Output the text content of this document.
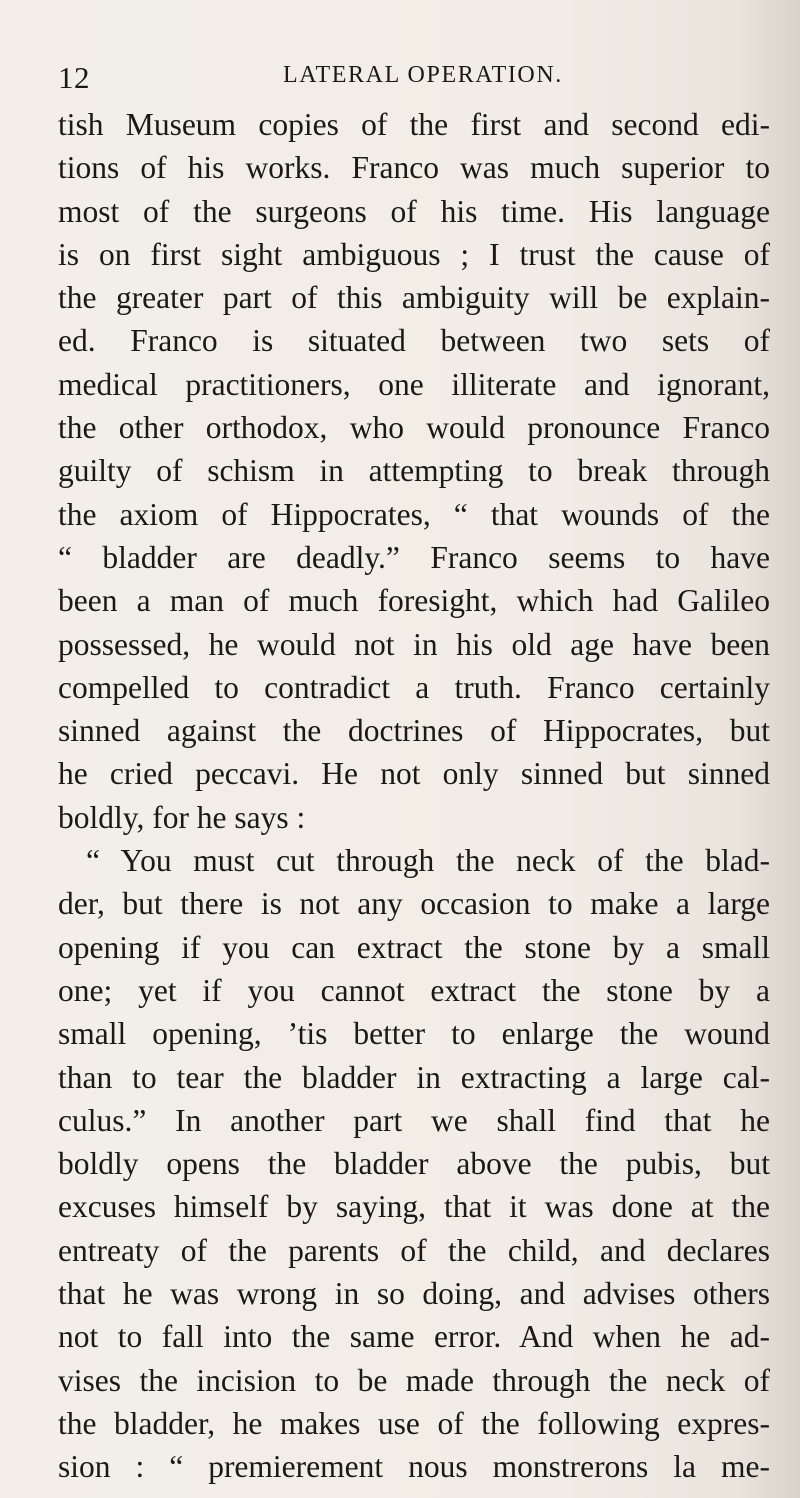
12	LATERAL OPERATION.
tish Museum copies of the first and second edi-
tions of his works. Franco was much superior to
most of the surgeons of his time. His language
is on first sight ambiguous ; I trust the cause of
the greater part of this ambiguity will be explain-
ed. Franco is situated between two sets of
medical practitioners, one illiterate and ignorant,
the other orthodox, who would pronounce Franco
guilty of schism in attempting to break through
the axiom of Hippocrates, “ that wounds of the
“ bladder are deadly.” Franco seems to have
been a man of much foresight, which had Galileo
possessed, he would not in his old age have been
compelled to contradict a truth. Franco certainly
sinned against the doctrines of Hippocrates, but
he cried peccavi. He not only sinned but sinned
boldly, for he says :
“ You must cut through the neck of the blad-
der, but there is not any occasion to make a large
opening if you can extract the stone by a small
one; yet if you cannot extract the stone by a
small opening, ’tis better to enlarge the wound
than to tear the bladder in extracting a large cal-
culus.” In another part we shall find that he
boldly opens the bladder above the pubis, but
excuses himself by saying, that it was done at the
entreaty of the parents of the child, and declares
that he was wrong in so doing, and advises others
not to fall into the same error. And when he ad-
vises the incision to be made through the neck of
the bladder, he makes use of the following expres-
sion : “ premierement nous monstrerons la me-
